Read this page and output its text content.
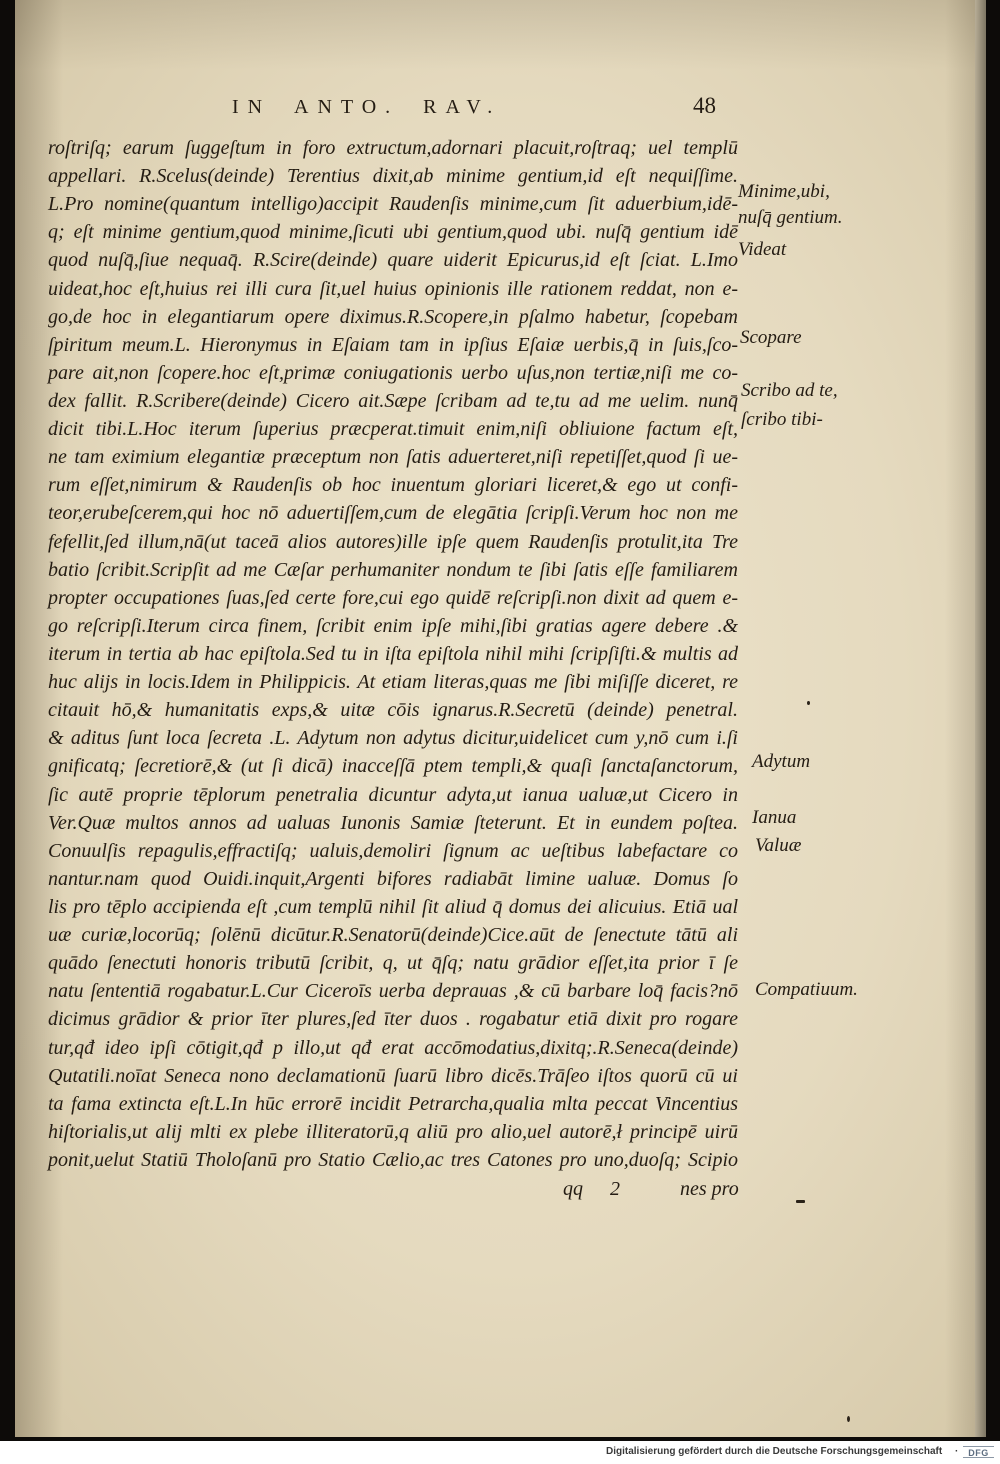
IN ANTO. RAV.	48
roſtriſq; earum ſuggeſtum in foro extructum,adornari placuit,roſtraq; uel templū
appellari. R.Scelus(deinde) Terentius dixit,ab minime gentium,id eſt nequiſſime.
L.Pro nomine(quantum intelligo)accipit Raudenſis minime,cum ſit aduerbium,idē-
q; eſt minime gentium,quod minime,ſicuti ubi gentium,quod ubi. nuſq̄ gentium idē
quod nuſq̄,ſiue nequaq̄. R.Scire(deinde) quare uiderit Epicurus,id eſt ſciat. L.Imo
uideat,hoc eſt,huius rei illi cura ſit,uel huius opinionis ille rationem reddat, non e-
go,de hoc in elegantiarum opere diximus.R.Scopere,in pſalmo habetur, ſcopebam
ſpiritum meum.L. Hieronymus in Eſaiam tam in ipſius Eſaiæ uerbis,q̄ in ſuis,ſco-
pare ait,non ſcopere.hoc eſt,primæ coniugationis uerbo uſus,non tertiæ,niſi me co-
dex fallit. R.Scribere(deinde) Cicero ait.Sæpe ſcribam ad te,tu ad me uelim. nunq̄
dicit tibi.L.Hoc iterum ſuperius præcperat.timuit enim,niſi obliuione factum eſt,
ne tam eximium elegantiæ præceptum non ſatis aduerteret,niſi repetiſſet,quod ſi ue-
rum eſſet,nimirum & Raudenſis ob hoc inuentum gloriari liceret,& ego ut confi-
teor,erubeſcerem,qui hoc nō aduertiſſem,cum de elegātia ſcripſi.Verum hoc non me
fefellit,ſed illum,nā(ut taceā alios autores)ille ipſe quem Raudenſis protulit,ita Tre
batio ſcribit.Scripſit ad me Cæſar perhumaniter nondum te ſibi ſatis eſſe familiarem
propter occupationes ſuas,ſed certe fore,cui ego quidē reſcripſi.non dixit ad quem e-
go reſcripſi.Iterum circa finem, ſcribit enim ipſe mihi,ſibi gratias agere debere .&
iterum in tertia ab hac epiſtola.Sed tu in iſta epiſtola nihil mihi ſcripſiſti.& multis ad
huc alijs in locis.Idem in Philippicis. At etiam literas,quas me ſibi miſiſſe diceret, re
citauit hō,& humanitatis exps,& uitæ cōis ignarus.R.Secretū (deinde) penetral.
& aditus ſunt loca ſecreta .L. Adytum non adytus dicitur,uidelicet cum y,nō cum i.ſi
gnificatq; ſecretiorē,& (ut ſi dicā) inacceſſā ptem templi,& quaſi ſanctaſanctorum,
ſic autē proprie tēplorum penetralia dicuntur adyta,ut ianua ualuæ,ut Cicero in
Ver.Quæ multos annos ad ualuas Iunonis Samiæ ſteterunt. Et in eundem poſtea.
Conuulſis repagulis,effractiſq; ualuis,demoliri ſignum ac ueſtibus labefactare co
nantur.nam quod Ouidi.inquit,Argenti bifores radiabāt limine ualuæ. Domus ſo
lis pro tēplo accipienda eſt ,cum templū nihil ſit aliud q̄ domus dei alicuius. Etiā ual
uæ curiæ,locorūq; ſolēnū dicūtur.R.Senatorū(deinde)Cice.aūt de ſenectute tātū ali
quādo ſenectuti honoris tributū ſcribit, q, ut q̄ſq; natu grādior eſſet,ita prior ī ſe
natu ſententiā rogabatur.L.Cur Ciceroīs uerba deprauas ,& cū barbare loq̄ facis?nō
dicimus grādior & prior īter plures,ſed īter duos . rogabatur etiā dixit pro rogare
tur,qđ ideo ipſi cōtigit,qđ p illo,ut qđ erat accōmodatius,dixitq;.R.Seneca(deinde)
Qutatili.noīat Seneca nono declamationū ſuarū libro dicēs.Trāſeo iſtos quorū cū ui
ta fama extincta eſt.L.In hūc errorē incidit Petrarcha,qualia mlta peccat Vincentius
hiſtorialis,ut alij mlti ex plebe illiteratorū,q aliū pro alio,uel autorē,ł principē uirū
ponit,uelut Statiū Tholoſanū pro Statio Cælio,ac tres Catones pro uno,duoſq; Scipio
Minime,ubi,
nuſq̄ gentium.
Videat
Scopare
Scribo ad te,
ſcribo tibi-
Adytum
Ianua
Valuæ
Compatiuum.
qq 2	nes pro
Digitalisierung gefördert durch die Deutsche Forschungsgemeinschaft ·	DFG
